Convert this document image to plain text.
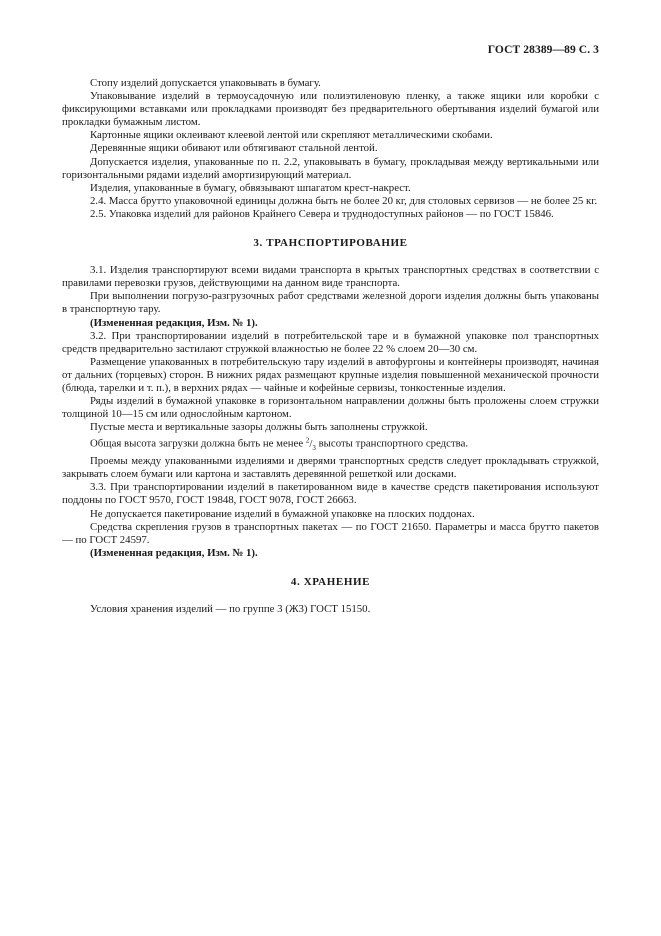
ГОСТ 28389—89 С. 3

Стопу изделий допускается упаковывать в бумагу.

Упаковывание изделий в термоусадочную или полиэтиленовую пленку, а также ящики или коробки с фиксирующими вставками или прокладками производят без предварительного обертывания изделий бумагой или прокладки бумажным листом.

Картонные ящики оклеивают клеевой лентой или скрепляют металлическими скобами.

Деревянные ящики обивают или обтягивают стальной лентой.

Допускается изделия, упакованные по п. 2.2, упаковывать в бумагу, прокладывая между вертикальными или горизонтальными рядами изделий амортизирующий материал.

Изделия, упакованные в бумагу, обвязывают шпагатом крест-накрест.

2.4. Масса брутто упаковочной единицы должна быть не более 20 кг, для столовых сервизов — не более 25 кг.

2.5. Упаковка изделий для районов Крайнего Севера и труднодоступных районов — по ГОСТ 15846.

3. ТРАНСПОРТИРОВАНИЕ

3.1. Изделия транспортируют всеми видами транспорта в крытых транспортных средствах в соответствии с правилами перевозки грузов, действующими на данном виде транспорта.

При выполнении погрузо-разгрузочных работ средствами железной дороги изделия должны быть упакованы в транспортную тару.

(Измененная редакция, Изм. № 1).

3.2. При транспортировании изделий в потребительской таре и в бумажной упаковке пол транспортных средств предварительно застилают стружкой влажностью не более 22 % слоем 20—30 см.

Размещение упакованных в потребительскую тару изделий в автофургоны и контейнеры производят, начиная от дальних (торцевых) сторон. В нижних рядах размещают крупные изделия повышенной механической прочности (блюда, тарелки и т. п.), в верхних рядах — чайные и кофейные сервизы, тонкостенные изделия.

Ряды изделий в бумажной упаковке в горизонтальном направлении должны быть проложены слоем стружки толщиной 10—15 см или однослойным картоном.

Пустые места и вертикальные зазоры должны быть заполнены стружкой.

Общая высота загрузки должна быть не менее $^2/_3$ высоты транспортного средства.

Проемы между упакованными изделиями и дверями транспортных средств следует прокладывать стружкой, закрывать слоем бумаги или картона и заставлять деревянной решеткой или досками.

3.3. При транспортировании изделий в пакетированном виде в качестве средств пакетирования используют поддоны по ГОСТ 9570, ГОСТ 19848, ГОСТ 9078, ГОСТ 26663.

Не допускается пакетирование изделий в бумажной упаковке на плоских поддонах.

Средства скрепления грузов в транспортных пакетах — по ГОСТ 21650. Параметры и масса брутто пакетов — по ГОСТ 24597.

(Измененная редакция, Изм. № 1).

4. ХРАНЕНИЕ

Условия хранения изделий — по группе 3 (Ж3) ГОСТ 15150.
